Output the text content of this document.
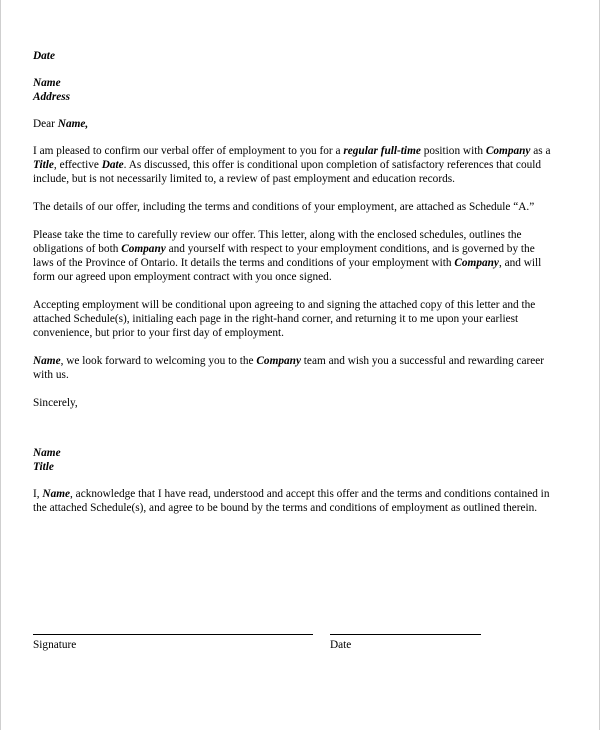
Date

Name

Address

Dear Name,

I am pleased to confirm our verbal offer of employment to you for a regular full-time position with Company as a Title, effective Date. As discussed, this offer is conditional upon completion of satisfactory references that could include, but is not necessarily limited to, a review of past employment and education records.

The details of our offer, including the terms and conditions of your employment, are attached as Schedule “A.”

Please take the time to carefully review our offer. This letter, along with the enclosed schedules, outlines the obligations of both Company and yourself with respect to your employment conditions, and is governed by the laws of the Province of Ontario. It details the terms and conditions of your employment with Company, and will form our agreed upon employment contract with you once signed.

Accepting employment will be conditional upon agreeing to and signing the attached copy of this letter and the attached Schedule(s), initialing each page in the right-hand corner, and returning it to me upon your earliest convenience, but prior to your first day of employment.

Name, we look forward to welcoming you to the Company team and wish you a successful and rewarding career with us.

Sincerely,

Name

Title

I, Name, acknowledge that I have read, understood and accept this offer and the terms and conditions contained in the attached Schedule(s), and agree to be bound by the terms and conditions of employment as outlined therein.

Signature	Date
